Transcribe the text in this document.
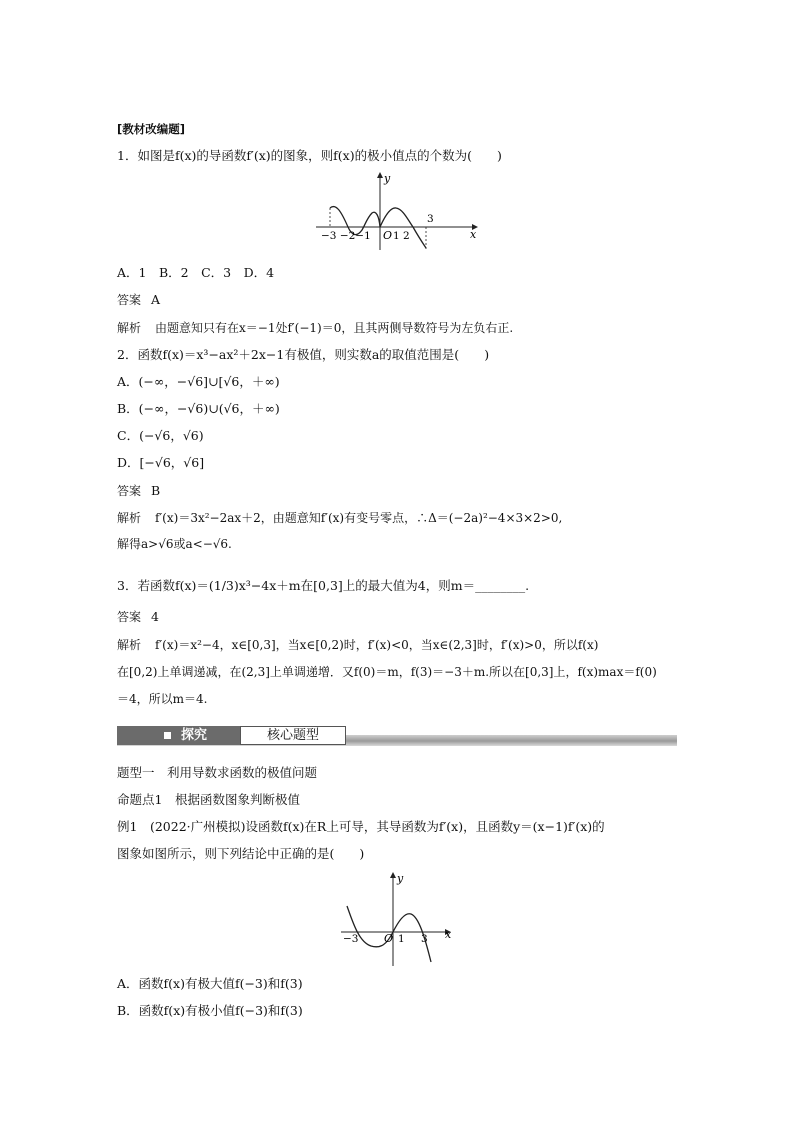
[教材改编题]
1．如图是f(x)的导函数f′(x)的图象，则f(x)的极小值点的个数为(　　)
y
x
O
−3 −2−1 1 2
3
A．1　B．2　C．3　D．4
答案 A
解析 由题意知只有在x＝−1处f′(−1)＝0，且其两侧导数符号为左负右正.
2．函数f(x)＝x³−ax²＋2x−1有极值，则实数a的取值范围是(　　)
A．(−∞，−√6]∪[√6，＋∞)
B．(−∞，−√6)∪(√6，＋∞)
C．(−√6，√6)
D．[−√6，√6]
答案 B
解析 f′(x)＝3x²−2ax＋2，由题意知f′(x)有变号零点，∴Δ＝(−2a)²−4×3×2>0,
解得a>√6或a<−√6.
3．若函数f(x)＝(1/3)x³−4x＋m在[0,3]上的最大值为4，则m＝________.
答案 4
解析 f′(x)＝x²−4，x∈[0,3]，当x∈[0,2)时，f′(x)<0，当x∈(2,3]时，f′(x)>0，所以f(x)
在[0,2)上单调递减，在(2,3]上单调递增．又f(0)＝m，f(3)＝−3＋m.所以在[0,3]上，f(x)max＝f(0)
＝4，所以m＝4.
探究	核心题型
题型一　利用导数求函数的极值问题
命题点1　根据函数图象判断极值
例1　(2022·广州模拟)设函数f(x)在R上可导，其导函数为f′(x)，且函数y＝(x−1)f′(x)的
图象如图所示，则下列结论中正确的是(　　)
y
x
O
−3	1 3
A．函数f(x)有极大值f(−3)和f(3)
B．函数f(x)有极小值f(−3)和f(3)
